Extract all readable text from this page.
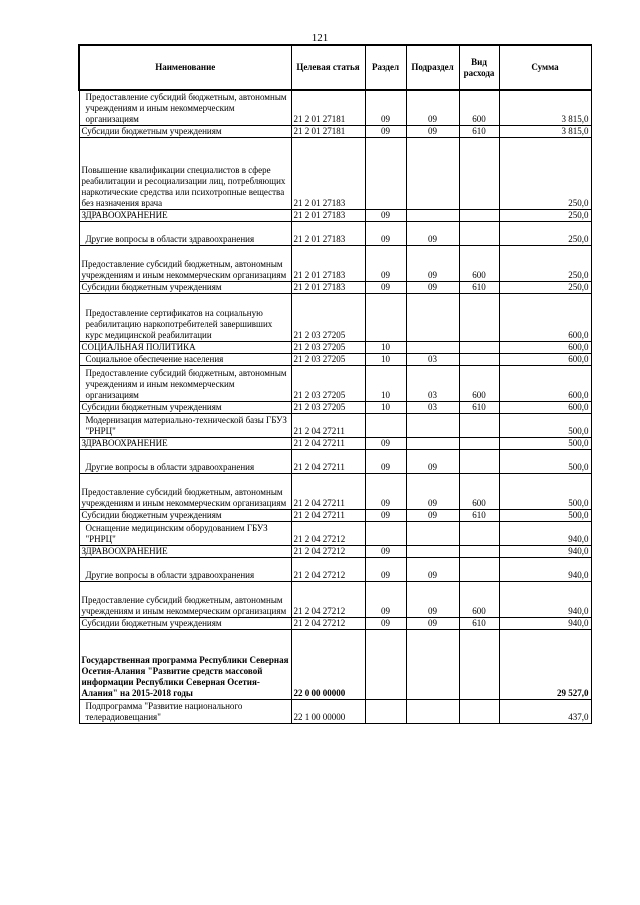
121
Наименование	Целевая статья	Раздел	Подраздел	Вид расхода	Сумма
Предоставление субсидий бюджетным, автономным учреждениям и иным некоммерческим организациям	21 2 01 27181	09	09	600	3 815,0
Субсидии бюджетным учреждениям	21 2 01 27181	09	09	610	3 815,0
Повышение квалификации специалистов в сфере реабилитации и ресоциализации лиц, потребляющих наркотические средства или психотропные вещества без назначения врача	21 2 01 27183				250,0
ЗДРАВООХРАНЕНИЕ	21 2 01 27183	09			250,0
Другие вопросы в области здравоохранения	21 2 01 27183	09	09		250,0
Предоставление субсидий бюджетным, автономным учреждениям и иным некоммерческим организациям	21 2 01 27183	09	09	600	250,0
Субсидии бюджетным учреждениям	21 2 01 27183	09	09	610	250,0
Предоставление сертификатов на социальную реабилитацию наркопотребителей завершивших курс медицинской реабилитации	21 2 03 27205				600,0
СОЦИАЛЬНАЯ ПОЛИТИКА	21 2 03 27205	10			600,0
Социальное обеспечение населения	21 2 03 27205	10	03		600,0
Предоставление субсидий бюджетным, автономным учреждениям и иным некоммерческим организациям	21 2 03 27205	10	03	600	600,0
Субсидии бюджетным учреждениям	21 2 03 27205	10	03	610	600,0
Модернизация материально-технической базы ГБУЗ "РНРЦ"	21 2 04 27211				500,0
ЗДРАВООХРАНЕНИЕ	21 2 04 27211	09			500,0
Другие вопросы в области здравоохранения	21 2 04 27211	09	09		500,0
Предоставление субсидий бюджетным, автономным учреждениям и иным некоммерческим организациям	21 2 04 27211	09	09	600	500,0
Субсидии бюджетным учреждениям	21 2 04 27211	09	09	610	500,0
Оснащение медицинским оборудованием ГБУЗ "РНРЦ"	21 2 04 27212				940,0
ЗДРАВООХРАНЕНИЕ	21 2 04 27212	09			940,0
Другие вопросы в области здравоохранения	21 2 04 27212	09	09		940,0
Предоставление субсидий бюджетным, автономным учреждениям и иным некоммерческим организациям	21 2 04 27212	09	09	600	940,0
Субсидии бюджетным учреждениям	21 2 04 27212	09	09	610	940,0
Государственная программа Республики Северная Осетия-Алания "Развитие средств массовой информации Республики Северная Осетия-Алания" на 2015-2018 годы	22 0 00 00000				29 527,0
Подпрограмма "Развитие национального телерадиовещания"	22 1 00 00000				437,0
